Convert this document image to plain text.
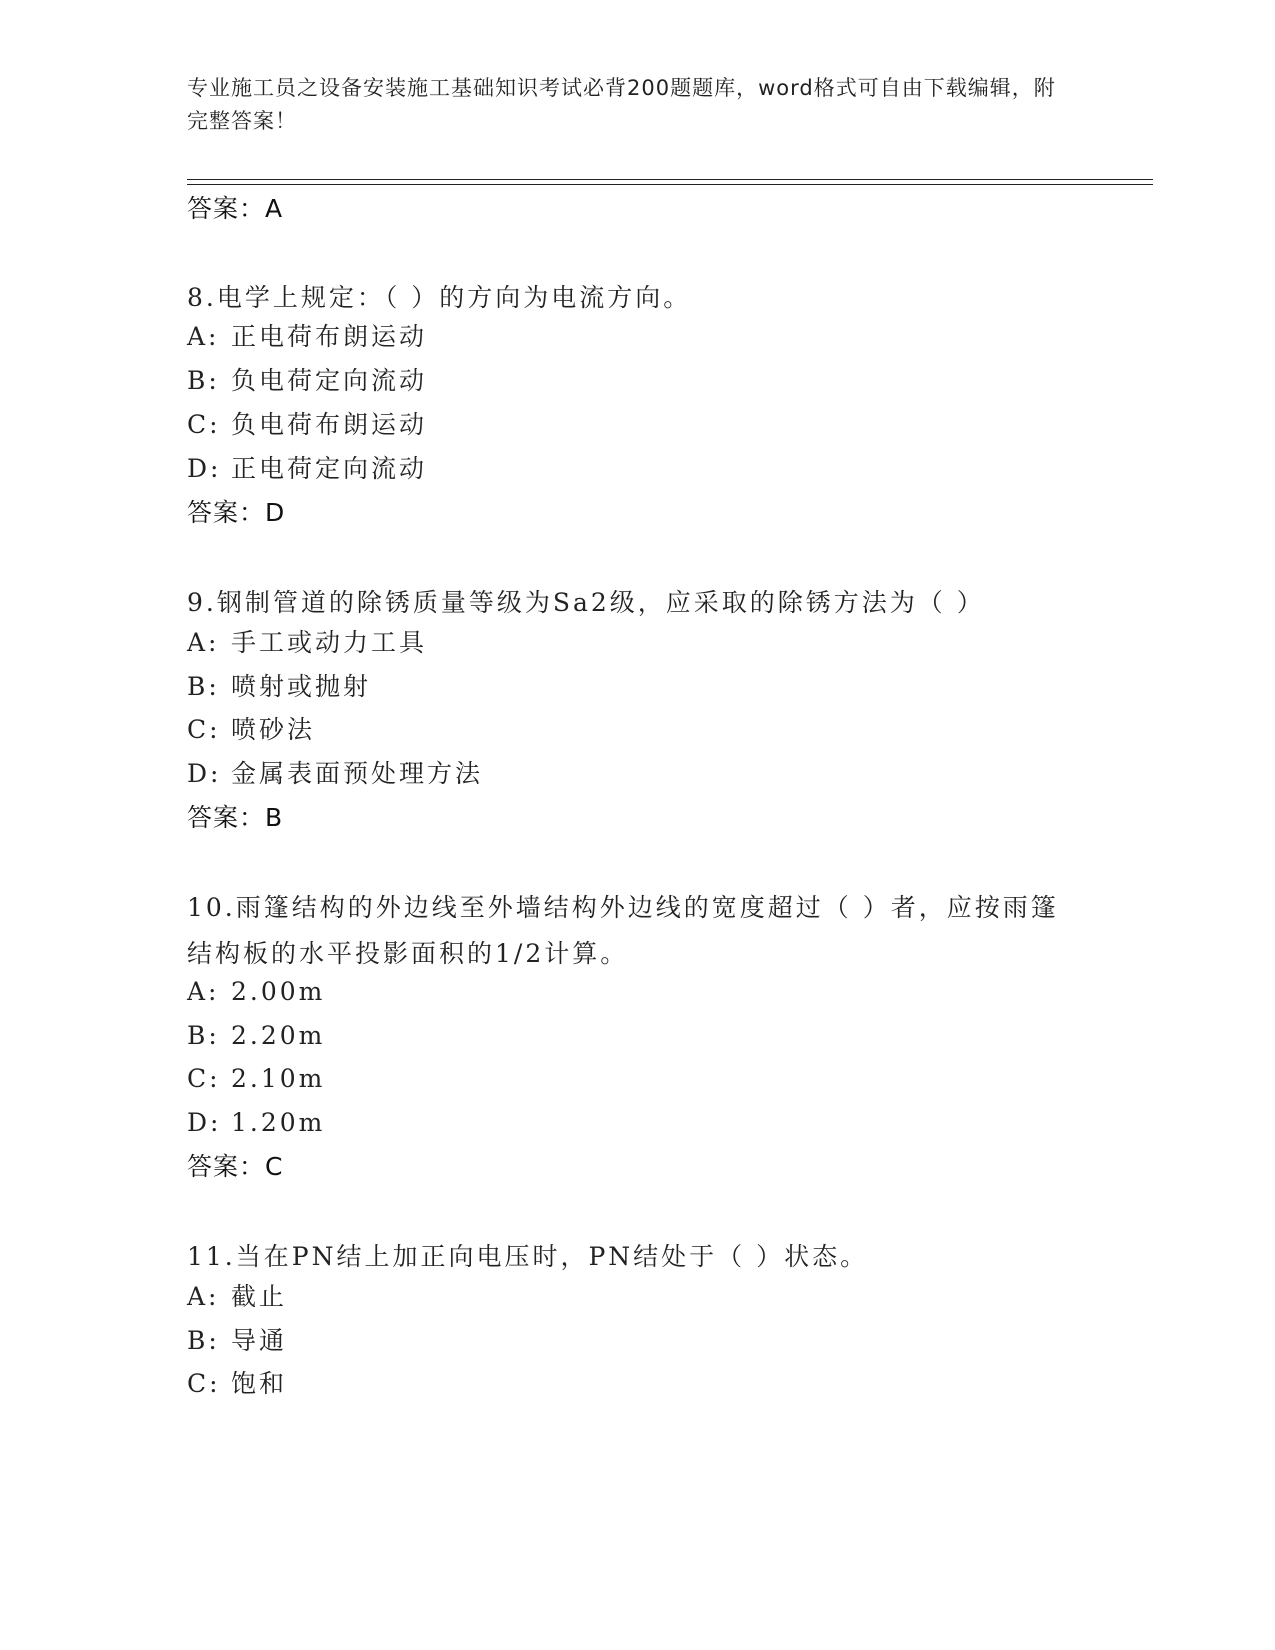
专业施工员之设备安装施工基础知识考试必背200题题库，word格式可自由下载编辑，附完整答案！
答案：A
8.电学上规定：（ ）的方向为电流方向。
A: 正电荷布朗运动
B: 负电荷定向流动
C: 负电荷布朗运动
D: 正电荷定向流动
答案：D
9.钢制管道的除锈质量等级为Sa2级，应采取的除锈方法为（ ）
A: 手工或动力工具
B: 喷射或抛射
C: 喷砂法
D: 金属表面预处理方法
答案：B
10.雨篷结构的外边线至外墙结构外边线的宽度超过（ ）者，应按雨篷结构板的水平投影面积的1/2计算。
A: 2.00m
B: 2.20m
C: 2.10m
D: 1.20m
答案：C
11.当在PN结上加正向电压时，PN结处于（ ）状态。
A: 截止
B: 导通
C: 饱和
